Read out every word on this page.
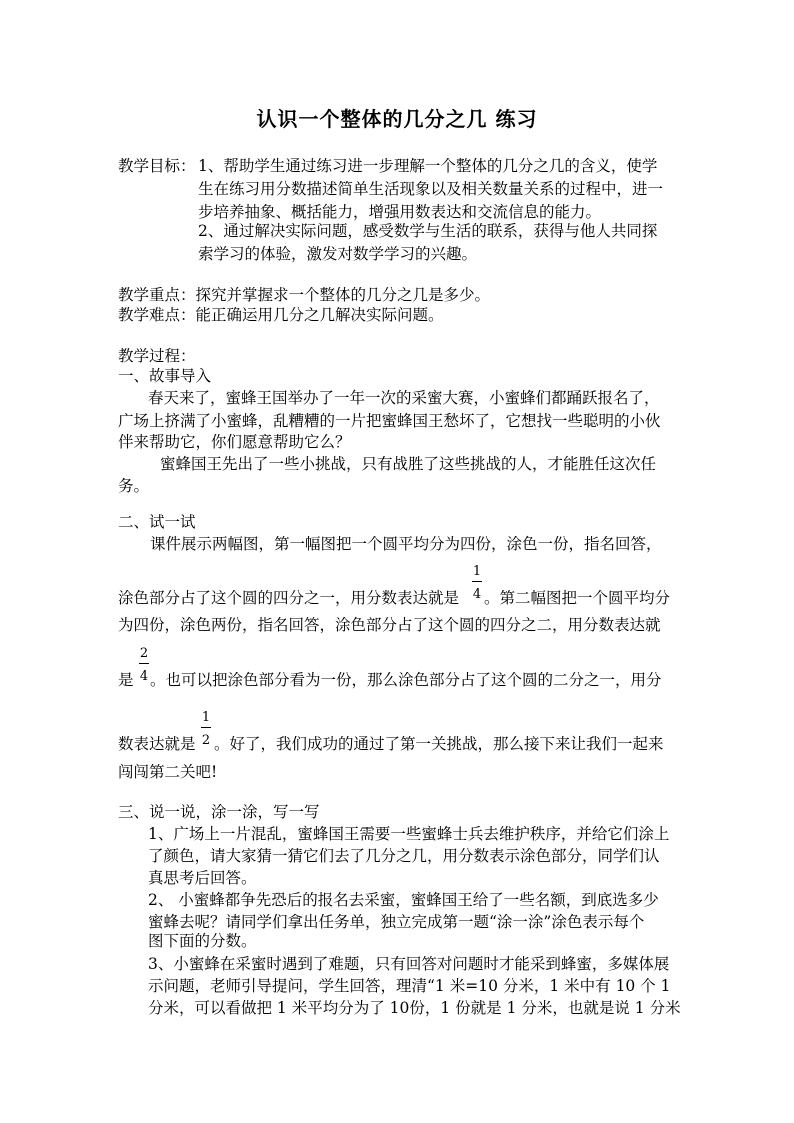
认识一个整体的几分之几 练习
教学目标： 1、帮助学生通过练习进一步理解一个整体的几分之几的含义，使学
生在练习用分数描述简单生活现象以及相关数量关系的过程中，进一
步培养抽象、概括能力，增强用数表达和交流信息的能力。
2、通过解决实际问题，感受数学与生活的联系，获得与他人共同探
索学习的体验，激发对数学学习的兴趣。
教学重点：探究并掌握求一个整体的几分之几是多少。
教学难点：能正确运用几分之几解决实际问题。
教学过程：
一、故事导入
春天来了，蜜蜂王国举办了一年一次的采蜜大赛，小蜜蜂们都踊跃报名了，
广场上挤满了小蜜蜂，乱糟糟的一片把蜜蜂国王愁坏了，它想找一些聪明的小伙
伴来帮助它，你们愿意帮助它么？
蜜蜂国王先出了一些小挑战，只有战胜了这些挑战的人，才能胜任这次任
务。
二、试一试
课件展示两幅图，第一幅图把一个圆平均分为四份，涂色一份，指名回答，
涂色部分占了这个圆的四分之一，用分数表达就是
1
4 。第二幅图把一个圆平均分
为四份，涂色两份，指名回答，涂色部分占了这个圆的四分之二，用分数表达就
是
2
4 。也可以把涂色部分看为一份，那么涂色部分占了这个圆的二分之一，用分
数表达就是
1
2 。好了，我们成功的通过了第一关挑战，那么接下来让我们一起来
闯闯第二关吧!
三、说一说，涂一涂，写一写
1、广场上一片混乱，蜜蜂国王需要一些蜜蜂士兵去维护秩序，并给它们涂上
了颜色，请大家猜一猜它们去了几分之几，用分数表示涂色部分，同学们认
真思考后回答。
2、 小蜜蜂都争先恐后的报名去采蜜，蜜蜂国王给了一些名额，到底选多少
蜜蜂去呢？请同学们拿出任务单，独立完成第一题“涂一涂”涂色表示每个
图下面的分数。
3、小蜜蜂在采蜜时遇到了难题，只有回答对问题时才能采到蜂蜜，多媒体展
示问题，老师引导提问，学生回答，理清“1 米=10 分米，1 米中有 10 个 1
分米，可以看做把 1 米平均分为了 10份，1 份就是 1 分米，也就是说 1 分米
